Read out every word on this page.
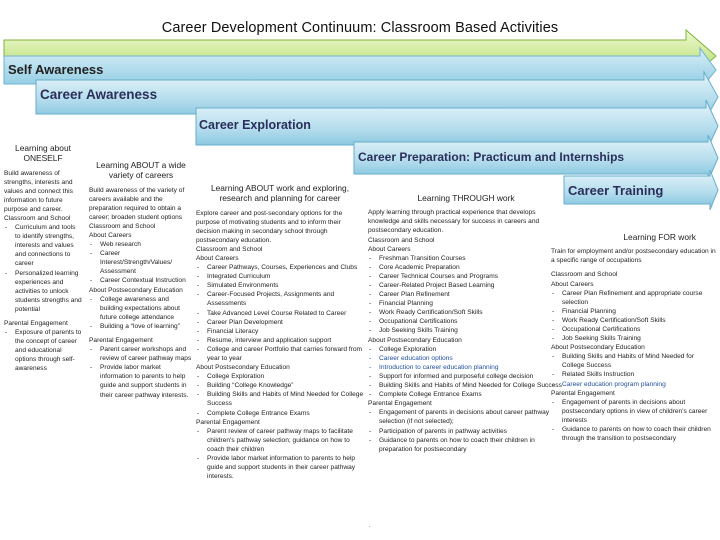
Career Development Continuum: Classroom Based Activities
Self Awareness
Career Awareness
Career Exploration
Career Preparation: Practicum and Internships
Career Training
Learning about ONESELF

Build awareness of strengths, interests and values and connect this information to future purpose and career.

Classroom and School

- Curriculum and tools to identify strengths, interests and values and connections to career
- Personalized learning experiences and activities to unlock students strengths and potential

Parental Engagement

- Exposure of parents to the concept of career and educational options through self-awareness
Learning ABOUT a wide variety of careers

Build awareness of the variety of careers available and the preparation required to obtain a career; broaden student options

Classroom and School

About Careers

- Web research
- Career Interest/Strength/Values/ Assessment
- Career Contextual Instruction

About Postsecondary Education

- College awareness and building expectations about future college attendance
- Building a “love of learning”

Parental Engagement

- Parent career workshops and review of career pathway maps
- Provide labor market information to parents to help guide and support students in their career pathway interests.
Learning ABOUT work and exploring, research and planning for career

Explore career and post-secondary options for the purpose of motivating students and to inform their decision making in secondary school through postsecondary education.

Classroom and School

About Careers

- Career Pathways, Courses, Experiences and Clubs
- Integrated Curriculum
- Simulated Environments
- Career-Focused Projects, Assignments and Assessments
- Take Advanced Level Course Related to Career
- Career Plan Development
- Financial Literacy
- Resume, interview and application support
- College and career Portfolio that carries forward from year to year

About Postsecondary Education

- College Exploration
- Building “College Knowledge”
- Building Skills and Habits of Mind Needed for College Success
- Complete College Entrance Exams

Parental Engagement

- Parent review of career pathway maps to facilitate children's pathway selection; guidance on how to coach their children
- Provide labor market information to parents to help guide and support students in their career pathway interests.
Learning THROUGH work

Apply learning through practical experience that develops knowledge and skills necessary for success in careers and postsecondary education.

Classroom and School

About Careers

- Freshman Transition Courses
- Core Academic Preparation
- Career Technical Courses and Programs
- Career-Related Project Based Learning
- Career Plan Refinement
- Financial Planning
- Work Ready Certification/Soft Skills
- Occupational Certifications
- Job Seeking Skills Training

About Postsecondary Education

- College Exploration
- Career education options
- Introduction to career education planning
- Support for informed and purposeful college decision
- Building Skills and Habits of Mind Needed for College Success
- Complete College Entrance Exams

Parental Engagement

- Engagement of parents in decisions about career pathway selection (if not selected);
- Participation of parents in pathway activities
- Guidance to parents on how to coach their children in preparation for postsecondary
Learning FOR work

Train for employment and/or postsecondary education in a specific range of occupations

Classroom and School

About Careers

- Career Plan Refinement and appropriate course selection
- Financial Planning
- Work Ready Certification/Soft Skills
- Occupational Certifications
- Job Seeking Skills Training

About Postsecondary Education

- Building Skills and Habits of Mind Needed for College Success
- Related Skills Instruction
- Career education program planning

Parental Engagement

- Engagement of parents in decisions about postsecondary options in view of children's career interests
- Guidance to parents on how to coach their children through the transition to postsecondary
.
